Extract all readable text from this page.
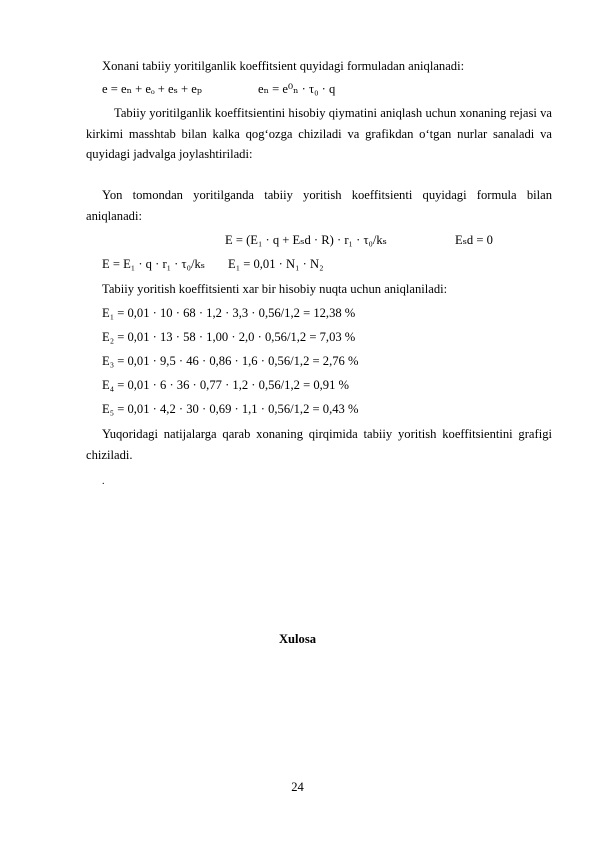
Xonani tabiiy yoritilganlik koeffitsient quyidagi formuladan aniqlanadi:
e = eₙ + eₒ + eₛ + eₚ	eₙ = e⁰ₙ · τ₀ · q
Tabiiy yoritilganlik koeffitsientini hisobiy qiymatini aniqlash uchun xonaning rejasi va kirkimi masshtab bilan kalka qog‘ozga chiziladi va grafikdan o‘tgan nurlar sanaladi va quyidagi jadvalga joylashtiriladi:
Yon tomondan yoritilganda tabiiy yoritish koeffitsienti quyidagi formula bilan aniqlanadi:
E = (E₁ · q + Eₛd · R) · r₁ · τ₀/kₛ	Eₛd = 0
E = E₁ · q · r₁ · τ₀/kₛ	E₁ = 0,01 · N₁ · N₂
Tabiiy yoritish koeffitsienti xar bir hisobiy nuqta uchun aniqlaniladi:
E₁ = 0,01 · 10 · 68 · 1,2 · 3,3 · 0,56/1,2 = 12,38 %
E₂ = 0,01 · 13 · 58 · 1,00 · 2,0 · 0,56/1,2 = 7,03 %
E₃ = 0,01 · 9,5 · 46 · 0,86 · 1,6 · 0,56/1,2 = 2,76 %
E₄ = 0,01 · 6 · 36 · 0,77 · 1,2 · 0,56/1,2 = 0,91 %
E₅ = 0,01 · 4,2 · 30 · 0,69 · 1,1 · 0,56/1,2 = 0,43 %
Yuqoridagi natijalarga qarab xonaning qirqimida tabiiy yoritish koeffitsientini grafigi chiziladi.
.
Xulosa
24
